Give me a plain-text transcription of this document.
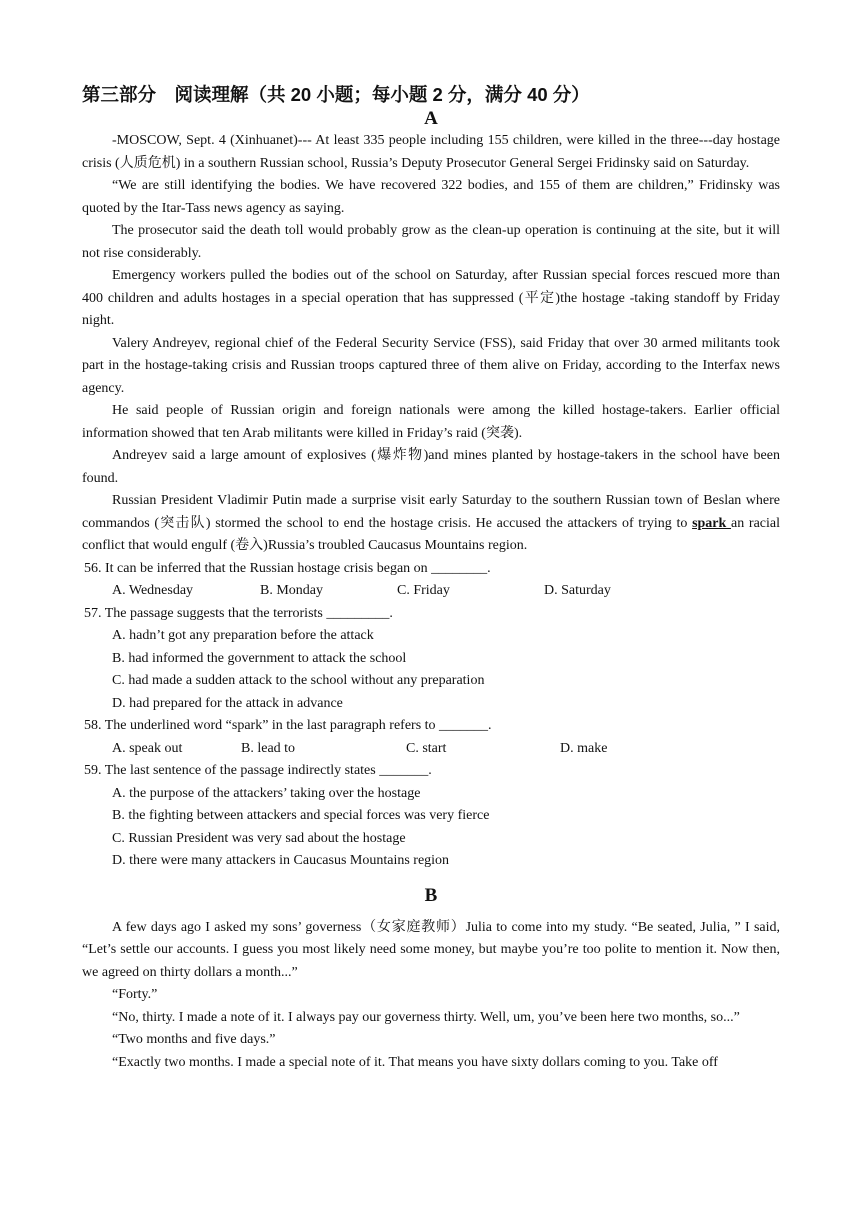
第三部分　阅读理解（共 20 小题；每小题 2 分，满分 40 分）

A

-MOSCOW, Sept. 4 (Xinhuanet)--- At least 335 people including 155 children, were killed in the three---day hostage crisis (人质危机) in a southern Russian school, Russia’s Deputy Prosecutor General Sergei Fridinsky said on Saturday.

“We are still identifying the bodies. We have recovered 322 bodies, and 155 of them are children,” Fridinsky was quoted by the Itar-Tass news agency as saying.

The prosecutor said the death toll would probably grow as the clean-up operation is continuing at the site, but it will not rise considerably.

Emergency workers pulled the bodies out of the school on Saturday, after Russian special forces rescued more than 400 children and adults hostages in a special operation that has suppressed (平定)the hostage -taking standoff by Friday night.

Valery Andreyev, regional chief of the Federal Security Service (FSS), said Friday that over 30 armed militants took part in the hostage-taking crisis and Russian troops captured three of them alive on Friday, according to the Interfax news agency.

He said people of Russian origin and foreign nationals were among the killed hostage-takers. Earlier official information showed that ten Arab militants were killed in Friday’s raid (突袭).

Andreyev said a large amount of explosives (爆炸物)and mines planted by hostage-takers in the school have been found.

Russian President Vladimir Putin made a surprise visit early Saturday to the southern Russian town of Beslan where commandos (突击队) stormed the school to end the hostage crisis. He accused the attackers of trying to spark an racial conflict that would engulf (卷入)Russia’s troubled Caucasus Mountains region.

56. It can be inferred that the Russian hostage crisis began on ________.

A. Wednesday	B. Monday	C. Friday	D. Saturday

57. The passage suggests that the terrorists _________.

A. hadn’t got any preparation before the attack

B. had informed the government to attack the school

C. had made a sudden attack to the school without any preparation

D. had prepared for the attack in advance

58. The underlined word “spark” in the last paragraph refers to _______.

A. speak out	B. lead to	C. start	D. make

59. The last sentence of the passage indirectly states _______.

A. the purpose of the attackers’ taking over the hostage

B. the fighting between attackers and special forces was very fierce

C. Russian President was very sad about the hostage

D. there were many attackers in Caucasus Mountains region

B

A few days ago I asked my sons’ governess（女家庭教师）Julia to come into my study. “Be seated, Julia, ” I said, “Let’s settle our accounts. I guess you most likely need some money, but maybe you’re too polite to mention it. Now then, we agreed on thirty dollars a month...”

“Forty.”

“No, thirty. I made a note of it. I always pay our governess thirty. Well, um, you’ve been here two months, so...”

“Two months and five days.”

“Exactly two months. I made a special note of it. That means you have sixty dollars coming to you. Take off
